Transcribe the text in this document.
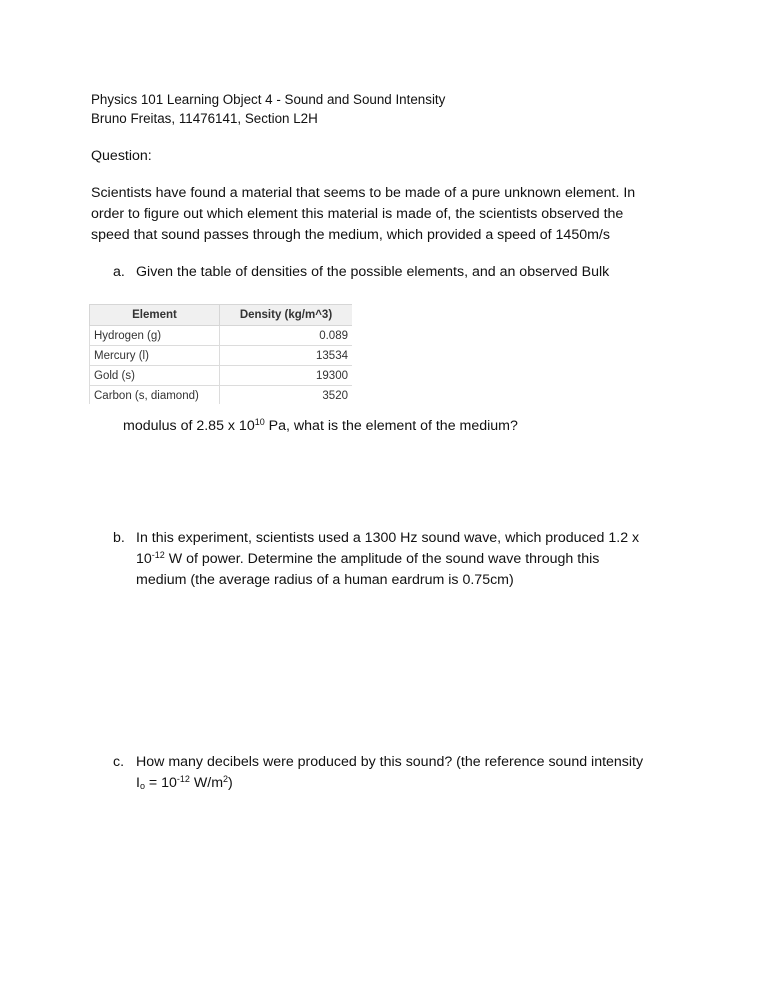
Physics 101 Learning Object 4 - Sound and Sound Intensity
Bruno Freitas, 11476141, Section L2H
Question:
Scientists have found a material that seems to be made of a pure unknown element. In
order to figure out which element this material is made of, the scientists observed the
speed that sound passes through the medium, which provided a speed of 1450m/s
a. Given the table of densities of the possible elements, and an observed Bulk
Element	Density (kg/m^3)
Hydrogen (g)	0.089
Mercury (l)	13534
Gold (s)	19300
Carbon (s, diamond)	3520
modulus of 2.85 x $10^{10}$ Pa, what is the element of the medium?
b. In this experiment, scientists used a 1300 Hz sound wave, which produced 1.2 x
$10^{-12}$ W of power. Determine the amplitude of the sound wave through this
medium (the average radius of a human eardrum is 0.75cm)
c. How many decibels were produced by this sound? (the reference sound intensity
$I_o = 10^{-12}$ $W/m^2$)
